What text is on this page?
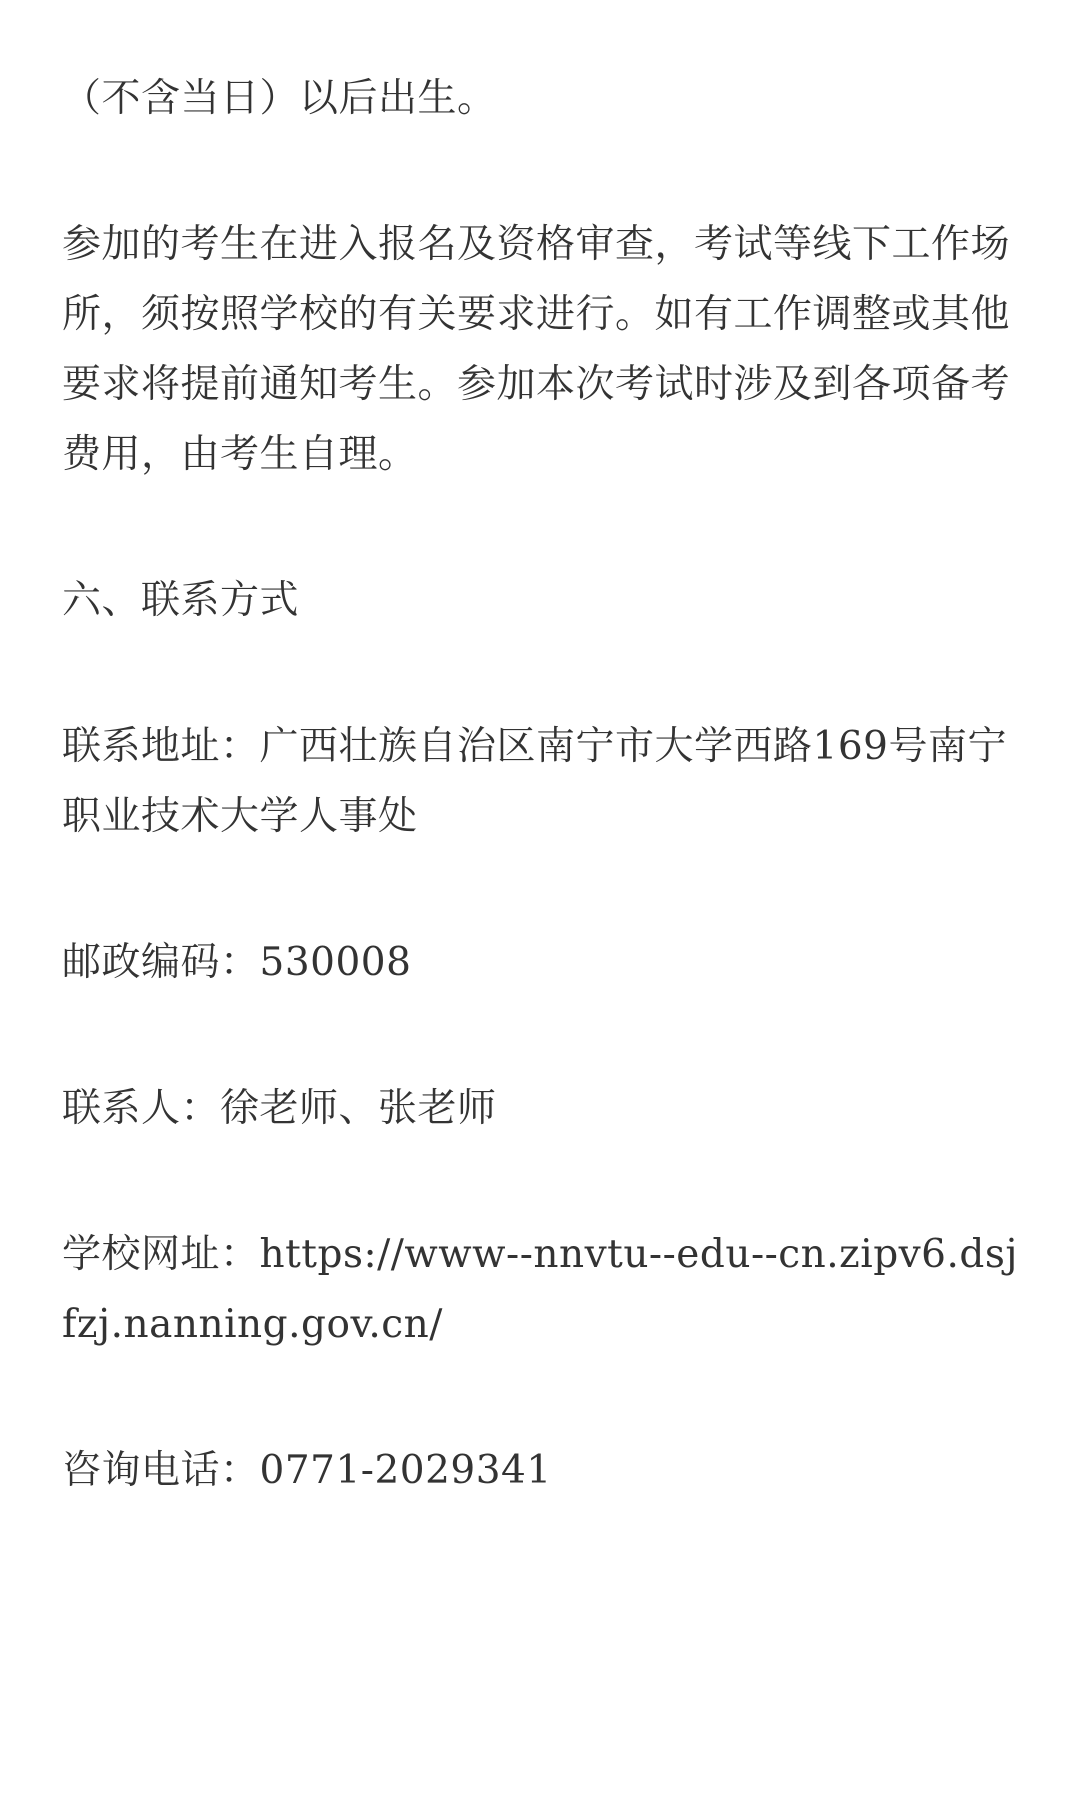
（不含当日）以后出生。

参加的考生在进入报名及资格审查，考试等线下工作场所，须按照学校的有关要求进行。如有工作调整或其他要求将提前通知考生。参加本次考试时涉及到各项备考费用，由考生自理。

六、联系方式

联系地址：广西壮族自治区南宁市大学西路169号南宁职业技术大学人事处

邮政编码：530008

联系人：徐老师、张老师

学校网址：https://www--nnvtu--edu--cn.zipv6.dsjfzj.nanning.gov.cn/

咨询电话：0771-2029341
